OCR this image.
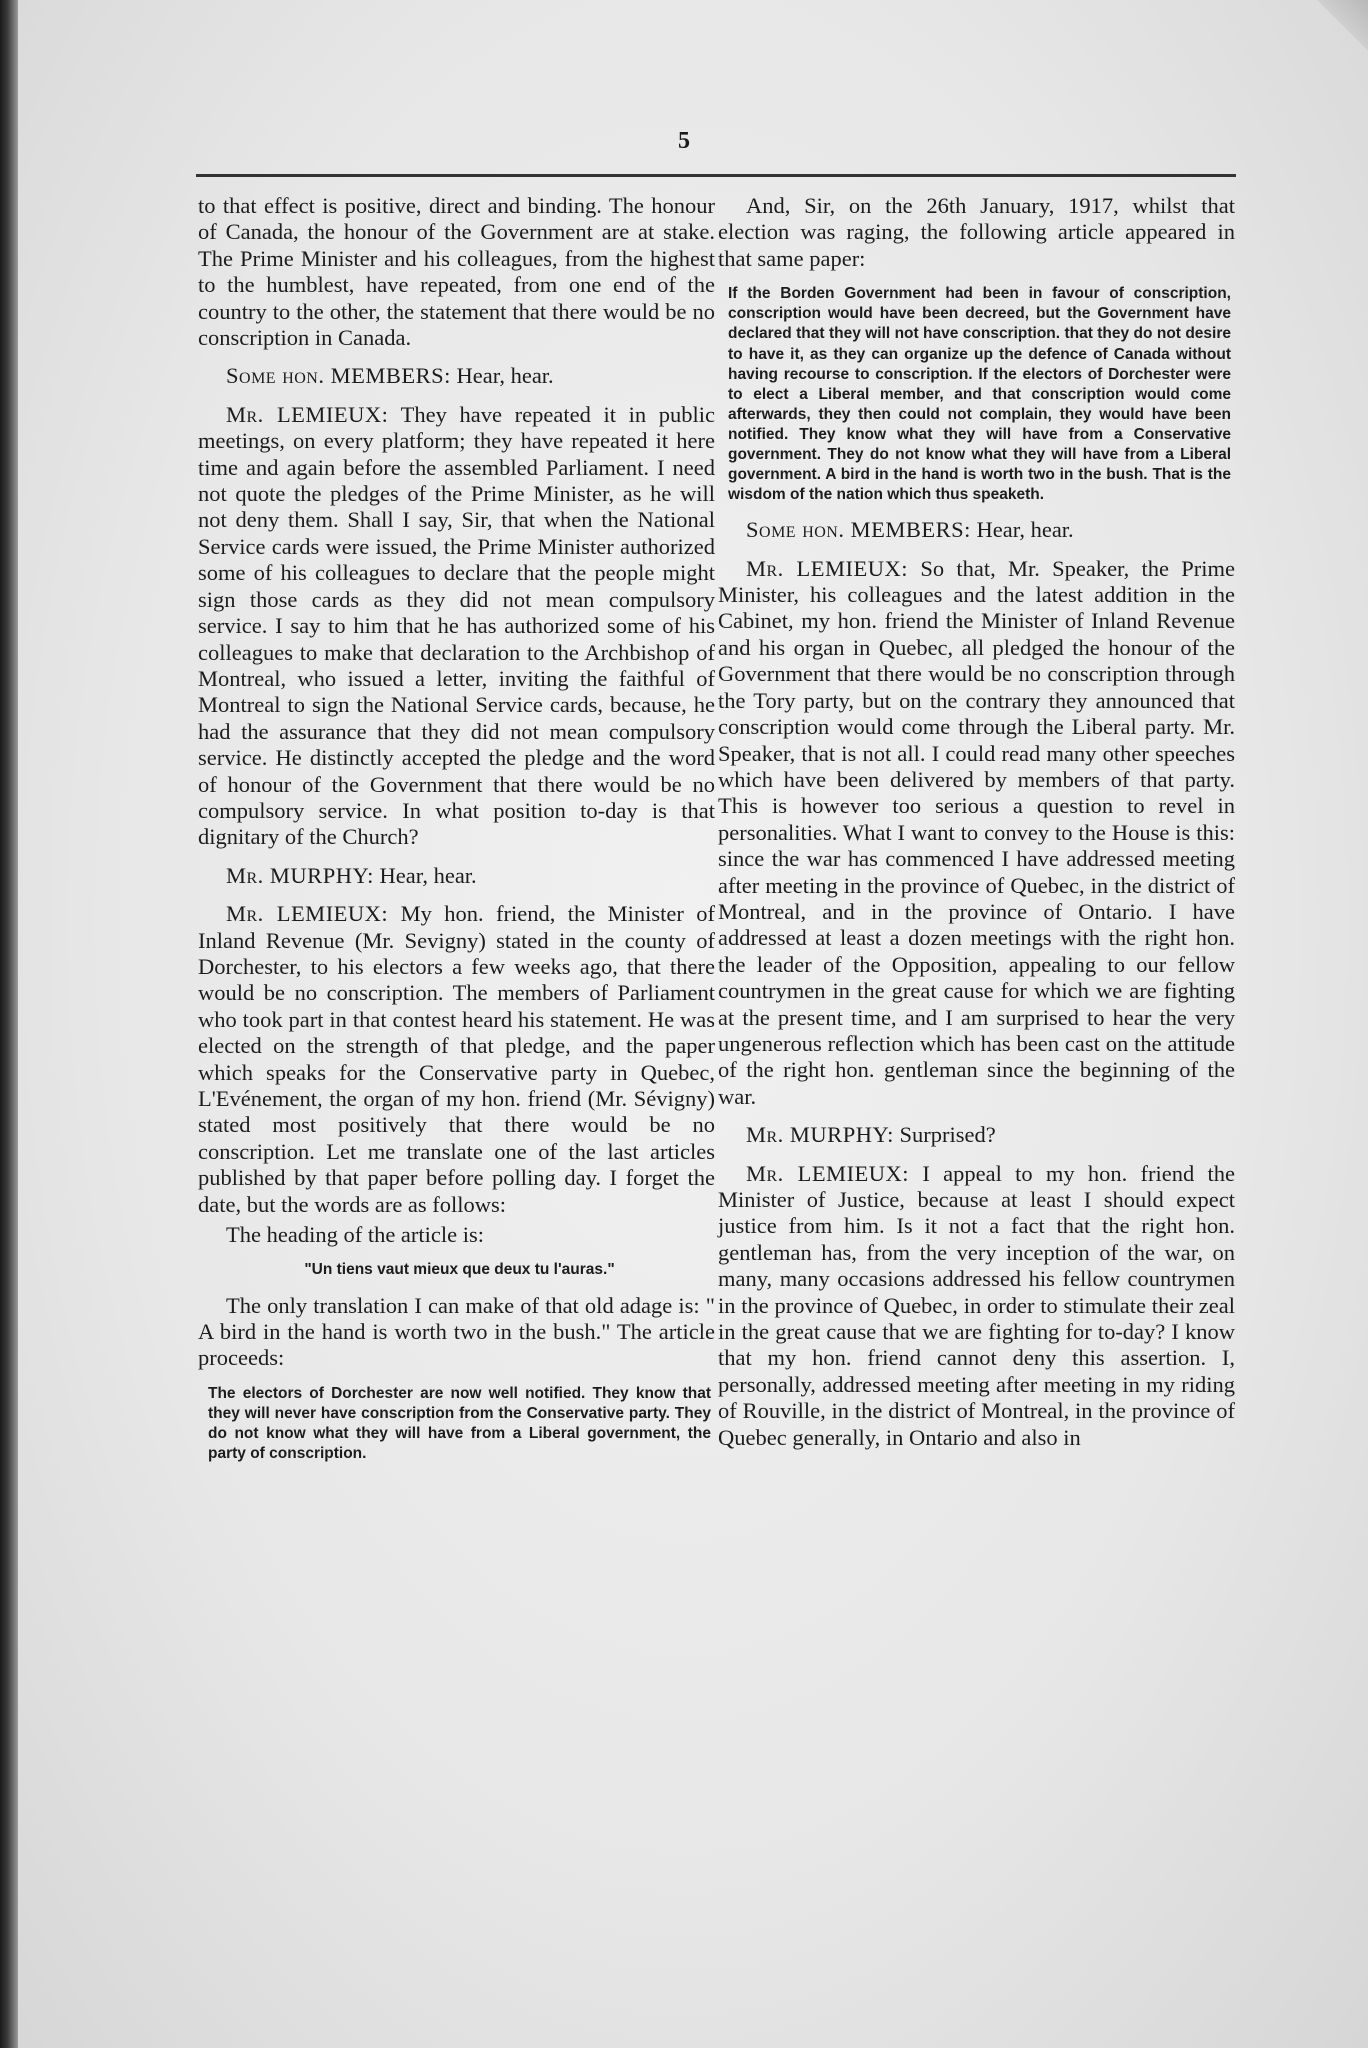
5

to that effect is positive, direct and binding. The honour of Canada, the honour of the Government are at stake. The Prime Minister and his colleagues, from the highest to the humblest, have repeated, from one end of the country to the other, the statement that there would be no conscription in Canada.

Some hon. MEMBERS: Hear, hear.

Mr. LEMIEUX: They have repeated it in public meetings, on every platform; they have repeated it here time and again before the assembled Parliament. I need not quote the pledges of the Prime Minister, as he will not deny them. Shall I say, Sir, that when the National Service cards were issued, the Prime Minister authorized some of his colleagues to declare that the people might sign those cards as they did not mean compulsory service. I say to him that he has authorized some of his colleagues to make that declaration to the Archbishop of Montreal, who issued a letter, inviting the faithful of Montreal to sign the National Service cards, because, he had the assurance that they did not mean compulsory service. He distinctly accepted the pledge and the word of honour of the Government that there would be no compulsory service. In what position to-day is that dignitary of the Church?

Mr. MURPHY: Hear, hear.

Mr. LEMIEUX: My hon. friend, the Minister of Inland Revenue (Mr. Sevigny) stated in the county of Dorchester, to his electors a few weeks ago, that there would be no conscription. The members of Parliament who took part in that contest heard his statement. He was elected on the strength of that pledge, and the paper which speaks for the Conservative party in Quebec, L'Evénement, the organ of my hon. friend (Mr. Sévigny) stated most positively that there would be no conscription. Let me translate one of the last articles published by that paper before polling day. I forget the date, but the words are as follows:

The heading of the article is:

"Un tiens vaut mieux que deux tu l'auras."

The only translation I can make of that old adage is: " A bird in the hand is worth two in the bush." The article proceeds:

The electors of Dorchester are now well notified. They know that they will never have conscription from the Conservative party. They do not know what they will have from a Liberal government, the party of conscription.

And, Sir, on the 26th January, 1917, whilst that election was raging, the following article appeared in that same paper:

If the Borden Government had been in favour of conscription, conscription would have been decreed, but the Government have declared that they will not have conscription. that they do not desire to have it, as they can organize up the defence of Canada without having recourse to conscription. If the electors of Dorchester were to elect a Liberal member, and that conscription would come afterwards, they then could not complain, they would have been notified. They know what they will have from a Conservative government. They do not know what they will have from a Liberal government. A bird in the hand is worth two in the bush. That is the wisdom of the nation which thus speaketh.

Some hon. MEMBERS: Hear, hear.

Mr. LEMIEUX: So that, Mr. Speaker, the Prime Minister, his colleagues and the latest addition in the Cabinet, my hon. friend the Minister of Inland Revenue and his organ in Quebec, all pledged the honour of the Government that there would be no conscription through the Tory party, but on the contrary they announced that conscription would come through the Liberal party. Mr. Speaker, that is not all. I could read many other speeches which have been delivered by members of that party. This is however too serious a question to revel in personalities. What I want to convey to the House is this: since the war has commenced I have addressed meeting after meeting in the province of Quebec, in the district of Montreal, and in the province of Ontario. I have addressed at least a dozen meetings with the right hon. the leader of the Opposition, appealing to our fellow countrymen in the great cause for which we are fighting at the present time, and I am surprised to hear the very ungenerous reflection which has been cast on the attitude of the right hon. gentleman since the beginning of the war.

Mr. MURPHY: Surprised?

Mr. LEMIEUX: I appeal to my hon. friend the Minister of Justice, because at least I should expect justice from him. Is it not a fact that the right hon. gentleman has, from the very inception of the war, on many, many occasions addressed his fellow countrymen in the province of Quebec, in order to stimulate their zeal in the great cause that we are fighting for to-day? I know that my hon. friend cannot deny this assertion. I, personally, addressed meeting after meeting in my riding of Rouville, in the district of Montreal, in the province of Quebec generally, in Ontario and also in
